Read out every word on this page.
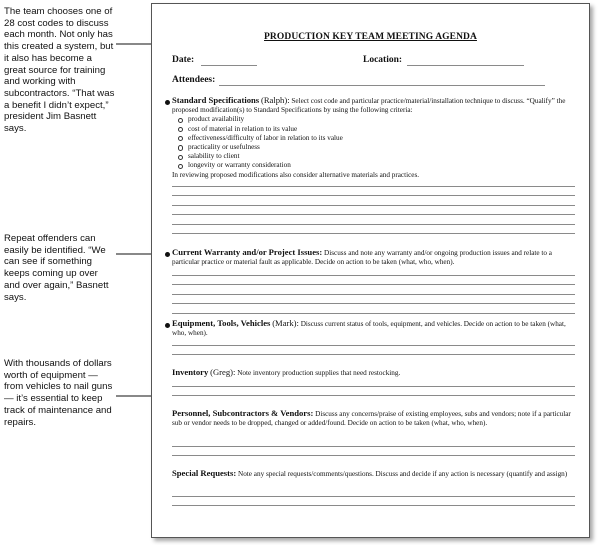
The team chooses one of 28 cost codes to discuss each month. Not only has this created a system, but it also has become a great source for training and working with subcontractors. “That was a benefit I didn’t expect,” president Jim Basnett says.
Repeat offenders can easily be identified. “We can see if something keeps coming up over and over again,” Basnett says.
With thousands of dollars worth of equipment — from vehicles to nail guns — it’s essential to keep track of maintenance and repairs.
PRODUCTION KEY TEAM MEETING AGENDA
Date:	Location:
Attendees:
Standard Specifications (Ralph): Select cost code and particular practice/material/installation technique to discuss. “Qualify” the proposed modification(s) to Standard Specifications by using the following criteria:
product availability
cost of material in relation to its value
effectiveness/difficulty of labor in relation to its value
practicality or usefulness
salability to client
longevity or warranty consideration
In reviewing proposed modifications also consider alternative materials and practices.
Current Warranty and/or Project Issues: Discuss and note any warranty and/or ongoing production issues and relate to a particular practice or material fault as applicable. Decide on action to be taken (what, who, when).
Equipment, Tools, Vehicles (Mark): Discuss current status of tools, equipment, and vehicles. Decide on action to be taken (what, who, when).
Inventory (Greg): Note inventory production supplies that need restocking.
Personnel, Subcontractors & Vendors: Discuss any concerns/praise of existing employees, subs and vendors; note if a particular sub or vendor needs to be dropped, changed or added/found. Decide on action to be taken (what, who, when).
Special Requests: Note any special requests/comments/questions. Discuss and decide if any action is necessary (quantify and assign)
